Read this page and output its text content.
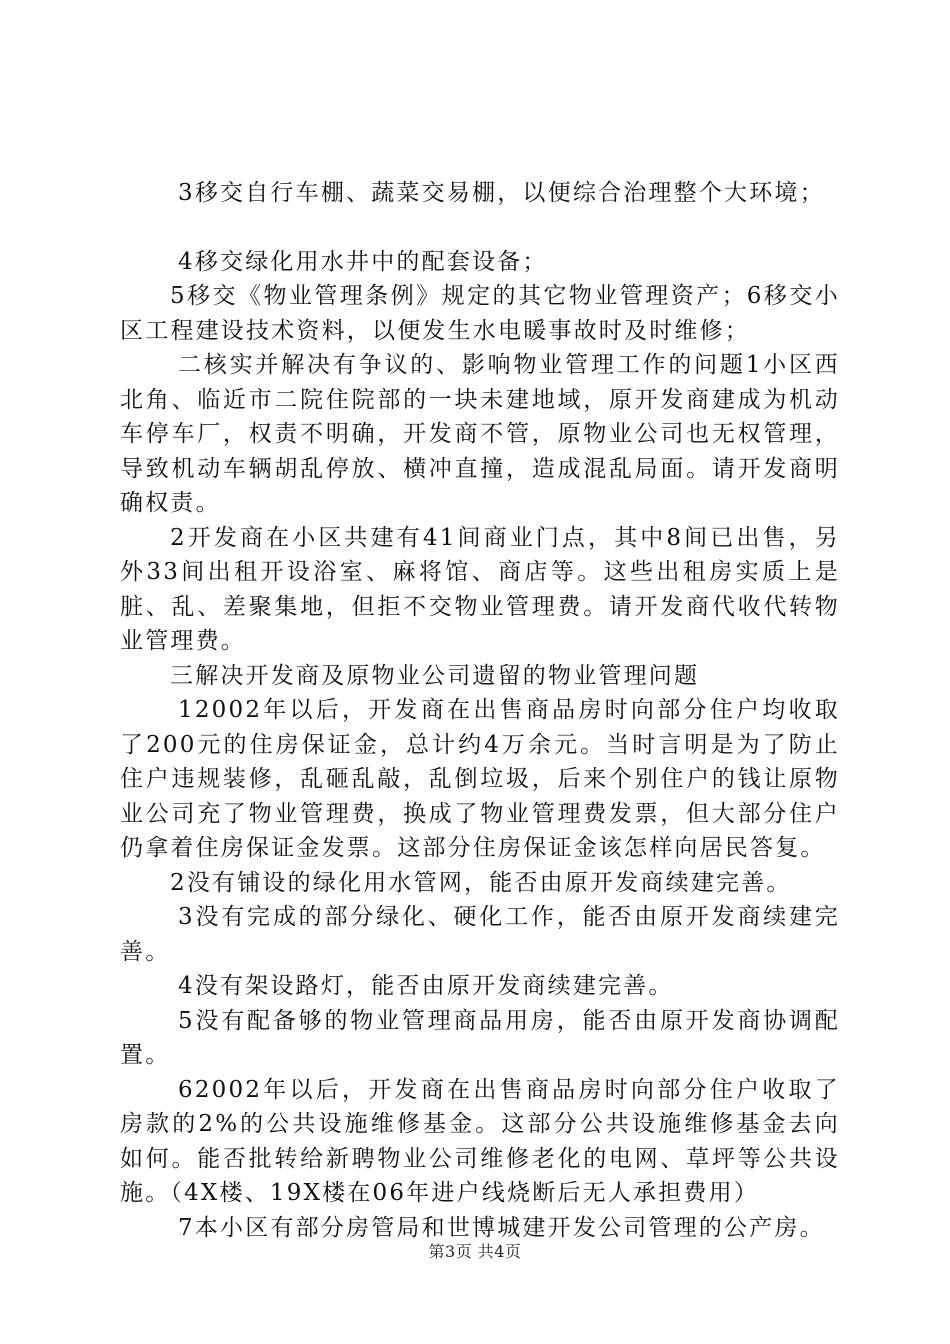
3移交自行车棚、蔬菜交易棚，以便综合治理整个大环境；

4移交绿化用水井中的配套设备；

5移交《物业管理条例》规定的其它物业管理资产；6移交小区工程建设技术资料，以便发生水电暖事故时及时维修；

二核实并解决有争议的、影响物业管理工作的问题1小区西北角、临近市二院住院部的一块未建地域，原开发商建成为机动车停车厂，权责不明确，开发商不管，原物业公司也无权管理，导致机动车辆胡乱停放、横冲直撞，造成混乱局面。请开发商明确权责。

2开发商在小区共建有41间商业门点，其中8间已出售，另外33间出租开设浴室、麻将馆、商店等。这些出租房实质上是脏、乱、差聚集地，但拒不交物业管理费。请开发商代收代转物业管理费。

三解决开发商及原物业公司遗留的物业管理问题

12002年以后，开发商在出售商品房时向部分住户均收取了200元的住房保证金，总计约4万余元。当时言明是为了防止住户违规装修，乱砸乱敲，乱倒垃圾，后来个别住户的钱让原物业公司充了物业管理费，换成了物业管理费发票，但大部分住户仍拿着住房保证金发票。这部分住房保证金该怎样向居民答复。

2没有铺设的绿化用水管网，能否由原开发商续建完善。

3没有完成的部分绿化、硬化工作，能否由原开发商续建完善。

4没有架设路灯，能否由原开发商续建完善。

5没有配备够的物业管理商品用房，能否由原开发商协调配置。

62002年以后，开发商在出售商品房时向部分住户收取了房款的2%的公共设施维修基金。这部分公共设施维修基金去向如何。能否批转给新聘物业公司维修老化的电网、草坪等公共设施。（4X楼、19X楼在06年进户线烧断后无人承担费用）

7本小区有部分房管局和世博城建开发公司管理的公产房。

第3页 共4页
